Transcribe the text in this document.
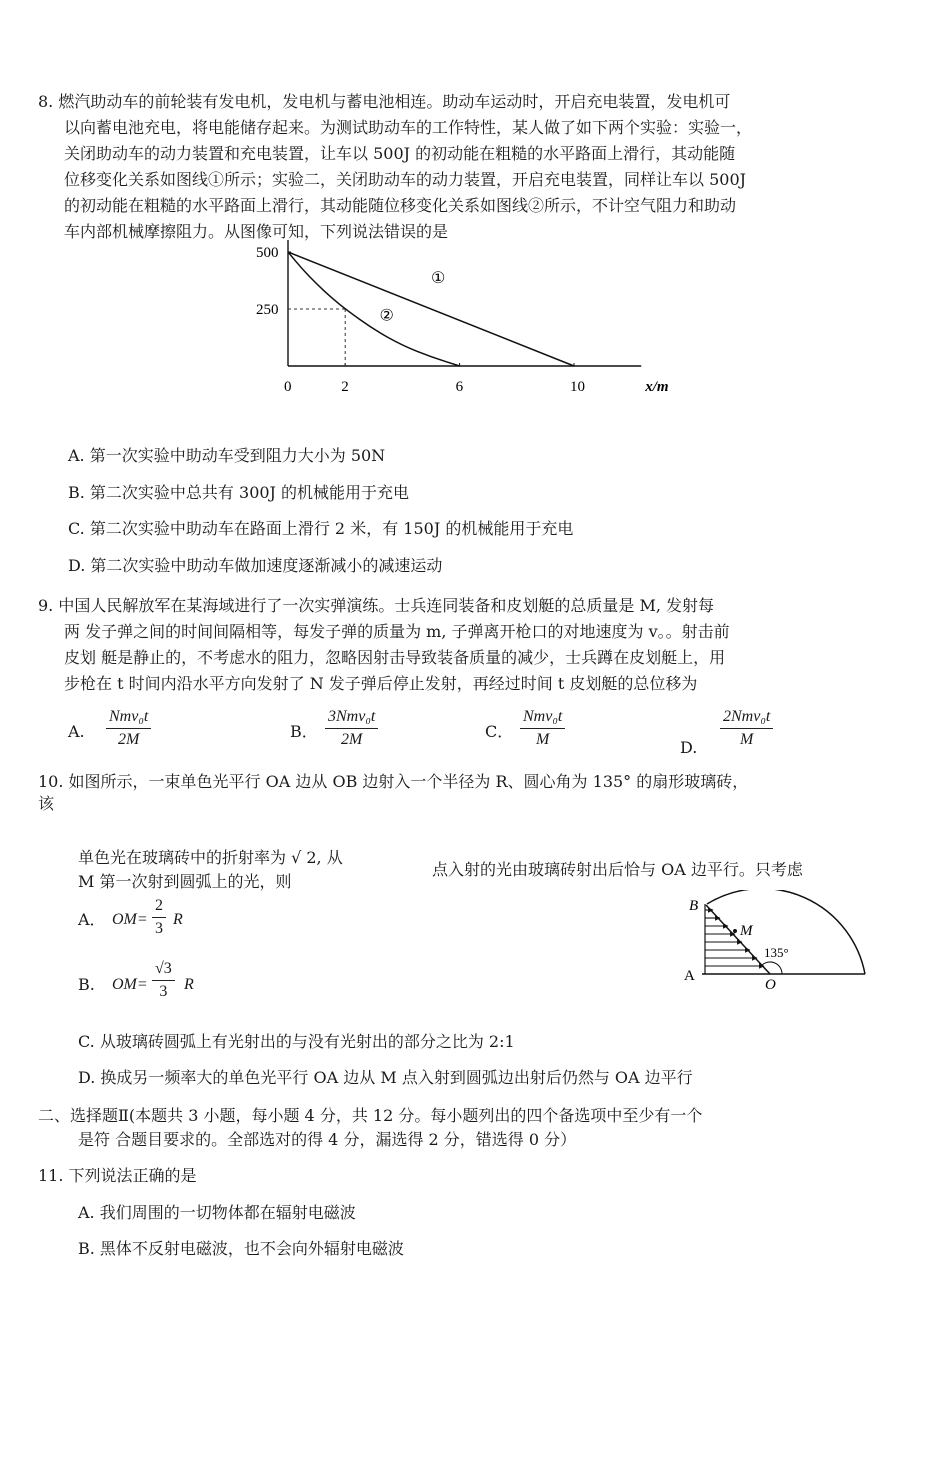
8. 燃汽助动车的前轮装有发电机，发电机与蓄电池相连。助动车运动时，开启充电装置，发电机可
以向蓄电池充电，将电能储存起来。为测试助动车的工作特性，某人做了如下两个实验：实验一，
关闭助动车的动力装置和充电装置，让车以 500J 的初动能在粗糙的水平路面上滑行，其动能随
位移变化关系如图线①所示；实验二，关闭助动车的动力装置，开启充电装置，同样让车以 500J
的初动能在粗糙的水平路面上滑行，其动能随位移变化关系如图线②所示，不计空气阻力和助动
车内部机械摩擦阻力。从图像可知，下列说法错误的是
0	2	6	10
500
250
x/m
①
②
A. 第一次实验中助动车受到阻力大小为 50N
B. 第二次实验中总共有 300J 的机械能用于充电
C. 第二次实验中助动车在路面上滑行 2 米，有 150J 的机械能用于充电
D. 第二次实验中助动车做加速度逐渐减小的减速运动
9. 中国人民解放军在某海域进行了一次实弹演练。士兵连同装备和皮划艇的总质量是 M, 发射每
两 发子弹之间的时间间隔相等，每发子弹的质量为 m, 子弹离开枪口的对地速度为 v。。射击前
皮划 艇是静止的，不考虑水的阻力，忽略因射击导致装备质量的减少，士兵蹲在皮划艇上，用
步枪在 t 时间内沿水平方向发射了 N 发子弹后停止发射，再经过时间 t 皮划艇的总位移为
A.
Nmv₀t
2M	B．
3Nmv₀t
2M	C．
Nmv₀t
M	D.
2Nmv₀t
M
10. 如图所示，一束单色光平行 OA 边从 OB 边射入一个半径为 R、圆心角为 135° 的扇形玻璃砖，
该
单色光在玻璃砖中的折射率为 √ 2, 从
M 第一次射到圆弧上的光，则
点入射的光由玻璃砖射出后恰与 OA 边平行。只考虑
A． $OM= \frac{2}{3}$ R
B. $OM= \frac{√3}{3}$ R
B
M
135°
A
O
C. 从玻璃砖圆弧上有光射出的与没有光射出的部分之比为 2:1
D. 换成另一频率大的单色光平行 OA 边从 M 点入射到圆弧边出射后仍然与 OA 边平行
二、选择题Ⅱ(本题共 3 小题，每小题 4 分，共 12 分。每小题列出的四个备选项中至少有一个
是符 合题目要求的。全部选对的得 4 分，漏选得 2 分，错选得 0 分）
11. 下列说法正确的是
A. 我们周围的一切物体都在辐射电磁波
B. 黑体不反射电磁波，也不会向外辐射电磁波
